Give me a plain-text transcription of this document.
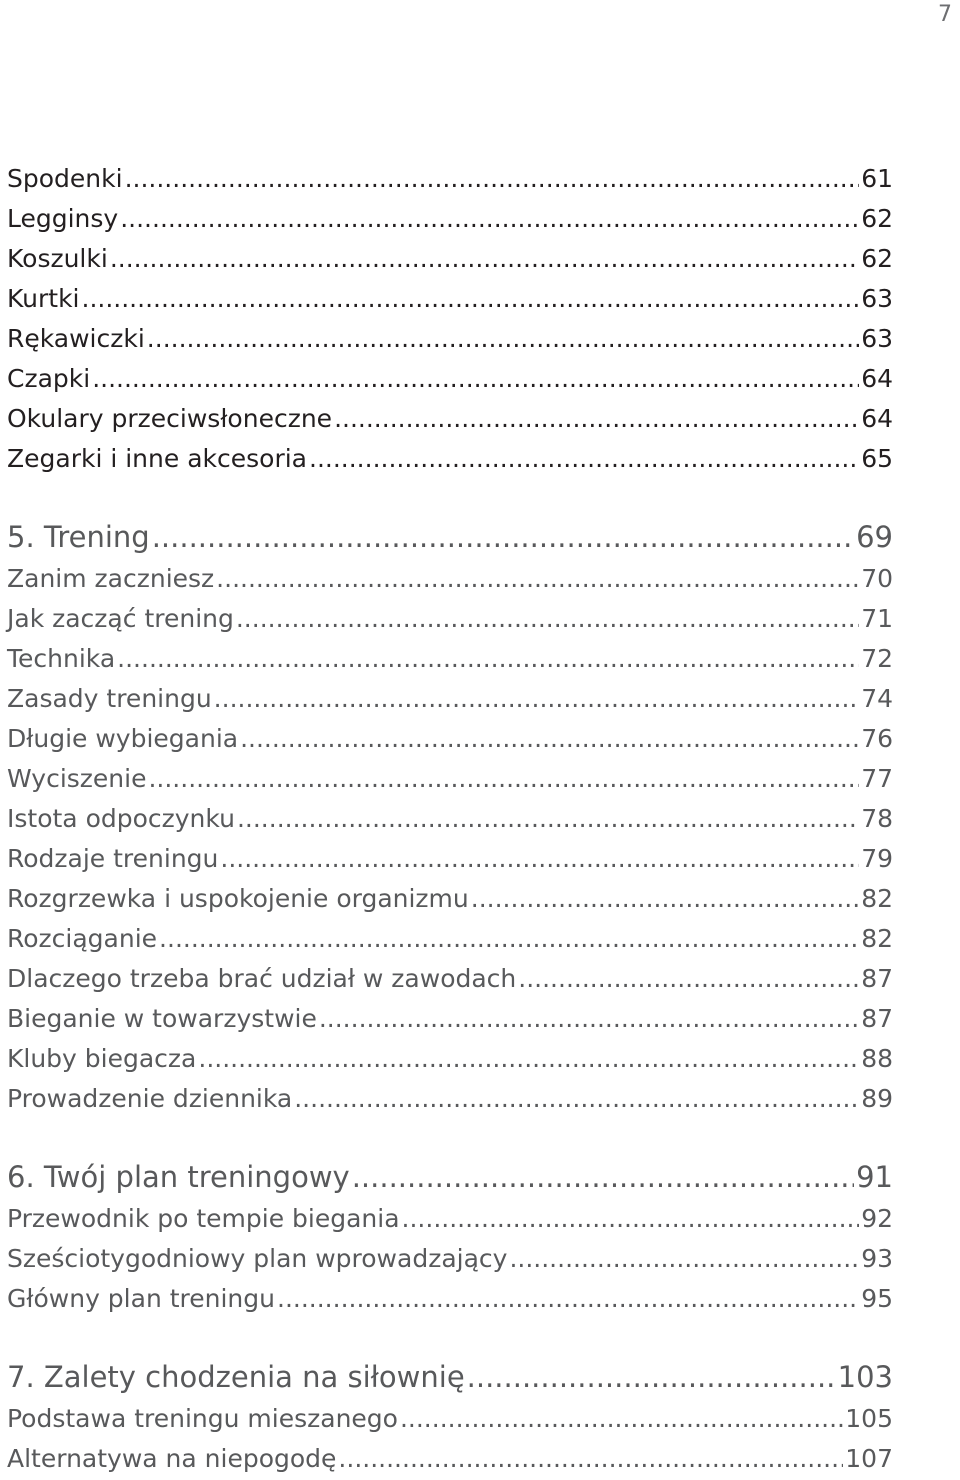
7
Spodenki .....	61
Legginsy .....	62
Koszulki .....	62
Kurtki .....	63
Rękawiczki .....	63
Czapki .....	64
Okulary przeciwsłoneczne .....	64
Zegarki i inne akcesoria .....	65
5. Trening .....	69
Zanim zaczniesz .....	70
Jak zacząć trening .....	71
Technika .....	72
Zasady treningu .....	74
Długie wybiegania .....	76
Wyciszenie .....	77
Istota odpoczynku .....	78
Rodzaje treningu .....	79
Rozgrzewka i uspokojenie organizmu .....	82
Rozciąganie .....	82
Dlaczego trzeba brać udział w zawodach .....	87
Bieganie w towarzystwie .....	87
Kluby biegacza .....	88
Prowadzenie dziennika .....	89
6. Twój plan treningowy .....	91
Przewodnik po tempie biegania .....	92
Sześciotygodniowy plan wprowadzający .....	93
Główny plan treningu .....	95
7. Zalety chodzenia na siłownię .....	103
Podstawa treningu mieszanego .....	105
Alternatywa na niepogodę .....	107
